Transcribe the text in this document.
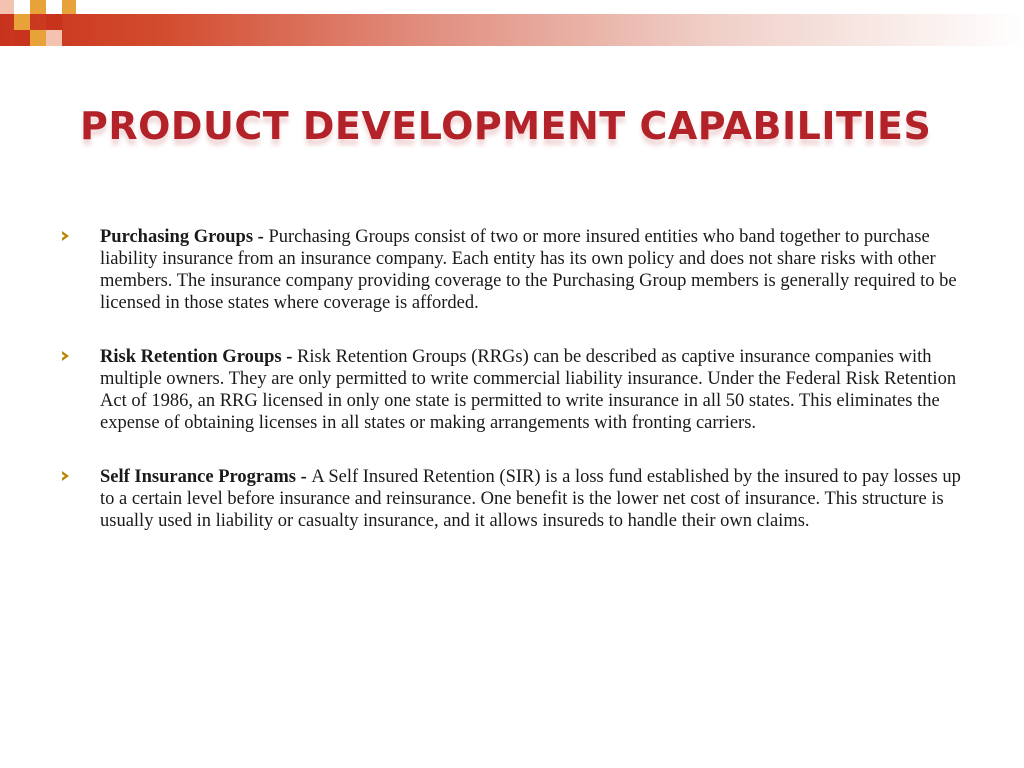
PRODUCT DEVELOPMENT CAPABILITIES
Purchasing Groups - Purchasing Groups consist of two or more insured entities who band together to purchase liability insurance from an insurance company. Each entity has its own policy and does not share risks with other members. The insurance company providing coverage to the Purchasing Group members is generally required to be licensed in those states where coverage is afforded.
Risk Retention Groups - Risk Retention Groups (RRGs) can be described as captive insurance companies with multiple owners. They are only permitted to write commercial liability insurance. Under the Federal Risk Retention Act of 1986, an RRG licensed in only one state is permitted to write insurance in all 50 states. This eliminates the expense of obtaining licenses in all states or making arrangements with fronting carriers.
Self Insurance Programs - A Self Insured Retention (SIR) is a loss fund established by the insured to pay losses up to a certain level before insurance and reinsurance. One benefit is the lower net cost of insurance. This structure is usually used in liability or casualty insurance, and it allows insureds to handle their own claims.
